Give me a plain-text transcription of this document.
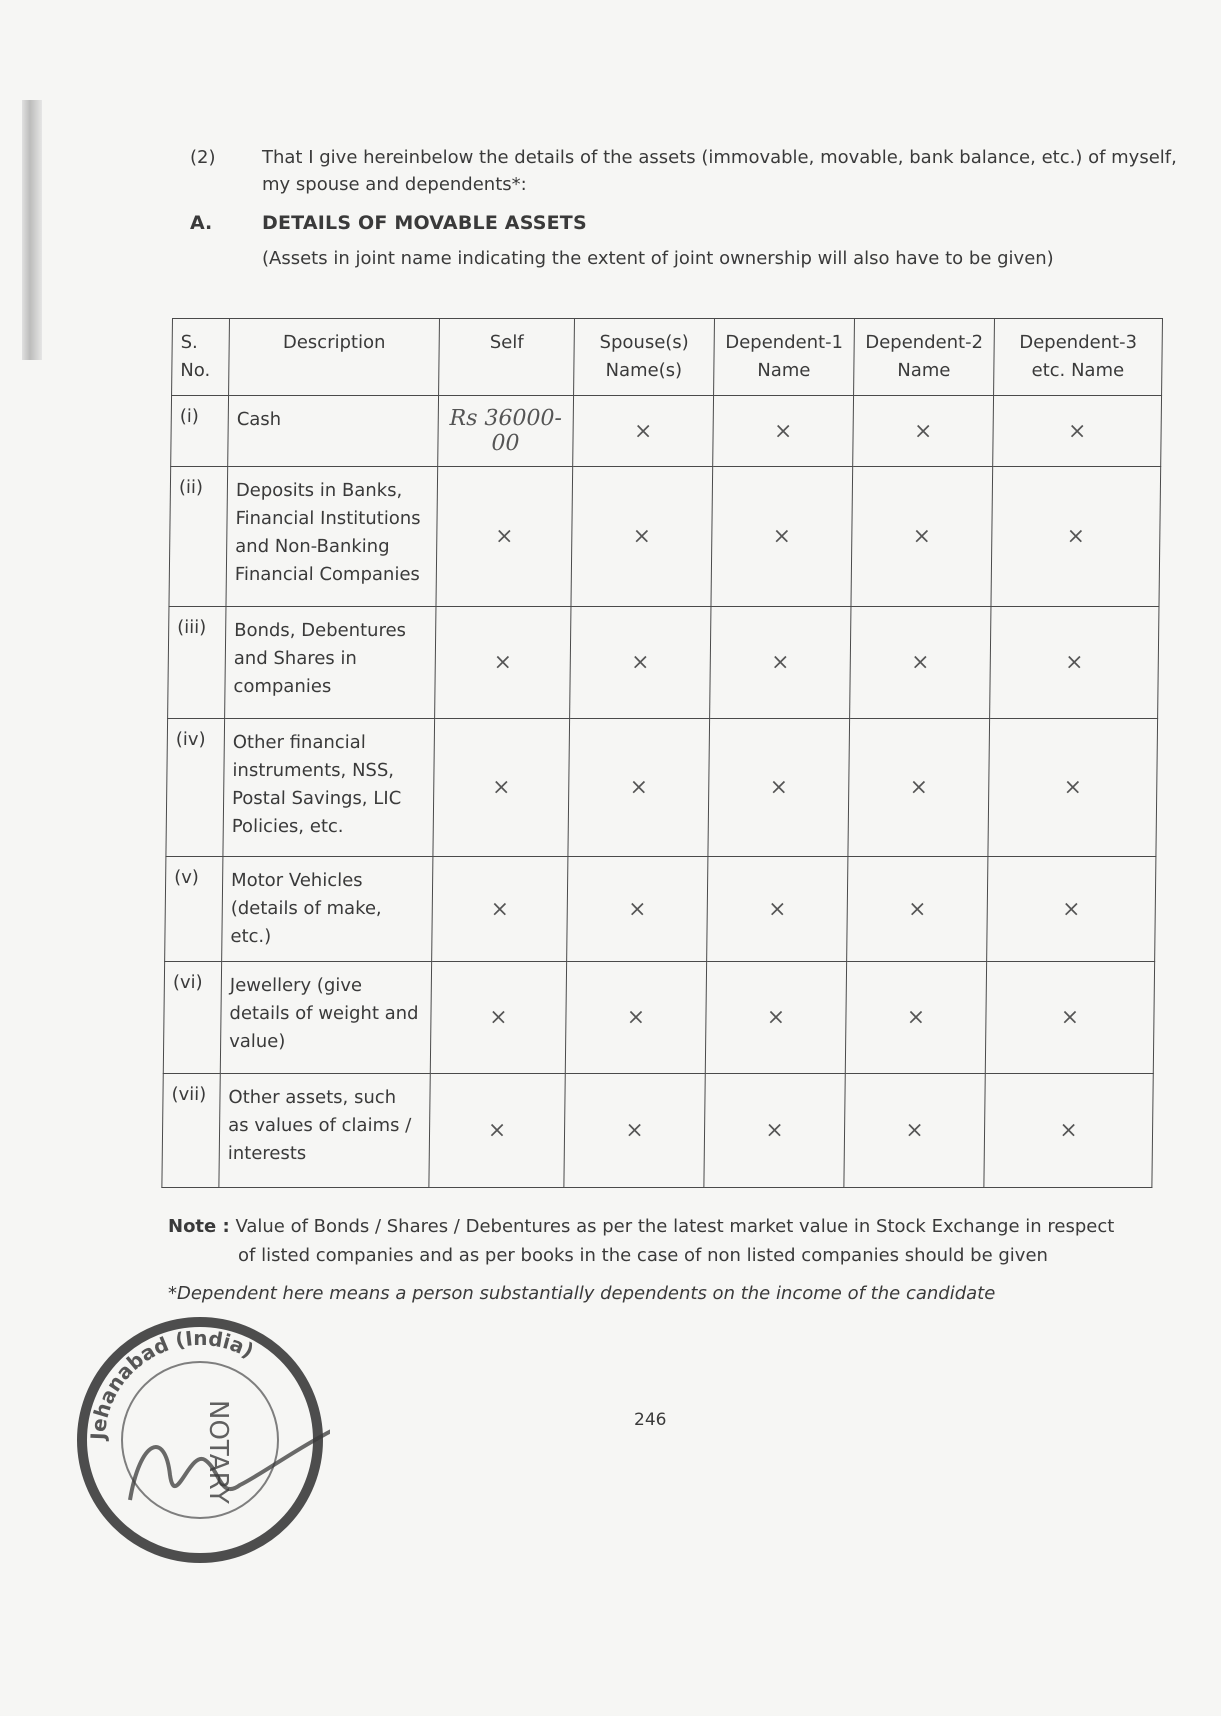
(2)	That I give hereinbelow the details of the assets (immovable, movable, bank balance, etc.) of myself, my spouse and dependents*:
A.	DETAILS OF MOVABLE ASSETS
(Assets in joint name indicating the extent of joint ownership will also have to be given)
S. No.	Description	Self	Spouse(s) Name(s)	Dependent-1 Name	Dependent-2 Name	Dependent-3 etc. Name
(i)	Cash	Rs 36000-00	×	×	×	×
(ii)	Deposits in Banks, Financial Institutions and Non-Banking Financial Companies	×	×	×	×	×
(iii)	Bonds, Debentures and Shares in companies	×	×	×	×	×
(iv)	Other financial instruments, NSS, Postal Savings, LIC Policies, etc.	×	×	×	×	×
(v)	Motor Vehicles (details of make, etc.)	×	×	×	×	×
(vi)	Jewellery (give details of weight and value)	×	×	×	×	×
(vii)	Other assets, such as values of claims / interests	×	×	×	×	×
Note : Value of Bonds / Shares / Debentures as per the latest market value in Stock Exchange in respect
of listed companies and as per books in the case of non listed companies should be given
*Dependent here means a person substantially dependents on the income of the candidate
246
Jehanabad (India)
NOTARY
